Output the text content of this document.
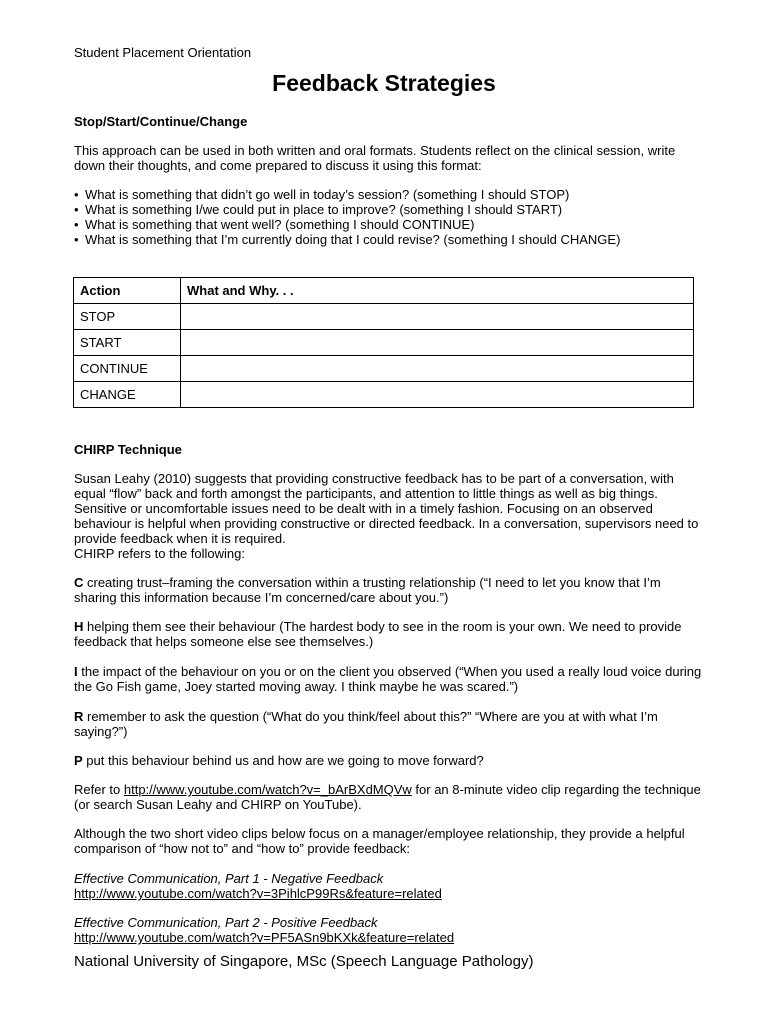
Student Placement Orientation
Feedback Strategies
Stop/Start/Continue/Change
This approach can be used in both written and oral formats. Students reflect on the clinical session, write down their thoughts, and come prepared to discuss it using this format:
• What is something that didn’t go well in today’s session? (something I should STOP)
• What is something I/we could put in place to improve? (something I should START)
• What is something that went well? (something I should CONTINUE)
• What is something that I’m currently doing that I could revise? (something I should CHANGE)
Action	What and Why. . .
STOP	
START	
CONTINUE	
CHANGE	
CHIRP Technique
Susan Leahy (2010) suggests that providing constructive feedback has to be part of a conversation, with equal “flow” back and forth amongst the participants, and attention to little things as well as big things. Sensitive or uncomfortable issues need to be dealt with in a timely fashion. Focusing on an observed behaviour is helpful when providing constructive or directed feedback. In a conversation, supervisors need to provide feedback when it is required.
CHIRP refers to the following:
C creating trust–framing the conversation within a trusting relationship (“I need to let you know that I’m sharing this information because I’m concerned/care about you.”)
H helping them see their behaviour (The hardest body to see in the room is your own. We need to provide feedback that helps someone else see themselves.)
I the impact of the behaviour on you or on the client you observed (“When you used a really loud voice during the Go Fish game, Joey started moving away. I think maybe he was scared.”)
R remember to ask the question (“What do you think/feel about this?” “Where are you at with what I’m saying?”)
P put this behaviour behind us and how are we going to move forward?
Refer to http://www.youtube.com/watch?v=_bArBXdMQVw for an 8-minute video clip regarding the technique (or search Susan Leahy and CHIRP on YouTube).
Although the two short video clips below focus on a manager/employee relationship, they provide a helpful comparison of “how not to” and “how to” provide feedback:
Effective Communication, Part 1 - Negative Feedback
http://www.youtube.com/watch?v=3PihlcP99Rs&feature=related
Effective Communication, Part 2 - Positive Feedback
http://www.youtube.com/watch?v=PF5ASn9bKXk&feature=related
National University of Singapore, MSc (Speech Language Pathology)
